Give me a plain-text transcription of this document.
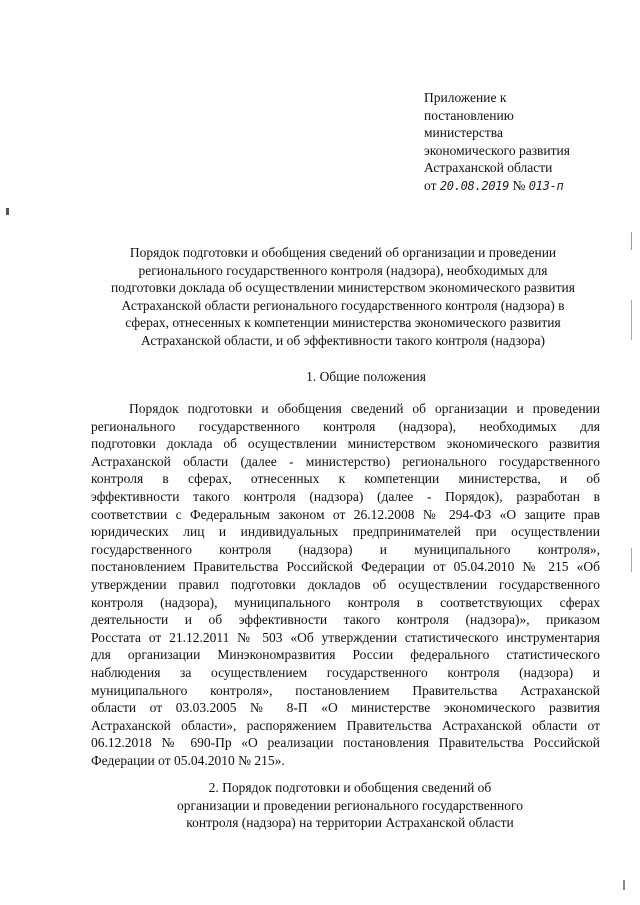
Приложение к
постановлению
министерства
экономического развития
Астраханской области
от 20.08.2019 № 013-п
Порядок подготовки и обобщения сведений об организации и проведении
регионального государственного контроля (надзора), необходимых для
подготовки доклада об осуществлении министерством экономического развития
Астраханской области регионального государственного контроля (надзора) в
сферах, отнесенных к компетенции министерства экономического развития
Астраханской области, и об эффективности такого контроля (надзора)
1. Общие положения
Порядок подготовки и обобщения сведений об организации и проведении
регионального государственного контроля (надзора), необходимых для
подготовки доклада об осуществлении министерством экономического развития
Астраханской области (далее - министерство) регионального государственного
контроля в сферах, отнесенных к компетенции министерства, и об
эффективности такого контроля (надзора) (далее - Порядок), разработан в
соответствии с Федеральным законом от 26.12.2008 № 294-ФЗ «О защите прав
юридических лиц и индивидуальных предпринимателей при осуществлении
государственного контроля (надзора) и муниципального контроля»,
постановлением Правительства Российской Федерации от 05.04.2010 № 215 «Об
утверждении правил подготовки докладов об осуществлении государственного
контроля (надзора), муниципального контроля в соответствующих сферах
деятельности и об эффективности такого контроля (надзора)», приказом
Росстата от 21.12.2011 № 503 «Об утверждении статистического инструментария
для организации Минэкономразвития России федерального статистического
наблюдения за осуществлением государственного контроля (надзора) и
муниципального контроля», постановлением Правительства Астраханской
области от 03.03.2005 № 8-П «О министерстве экономического развития
Астраханской области», распоряжением Правительства Астраханской области от
06.12.2018 № 690-Пр «О реализации постановления Правительства Российской
Федерации от 05.04.2010 № 215».
2. Порядок подготовки и обобщения сведений об
организации и проведении регионального государственного
контроля (надзора) на территории Астраханской области
